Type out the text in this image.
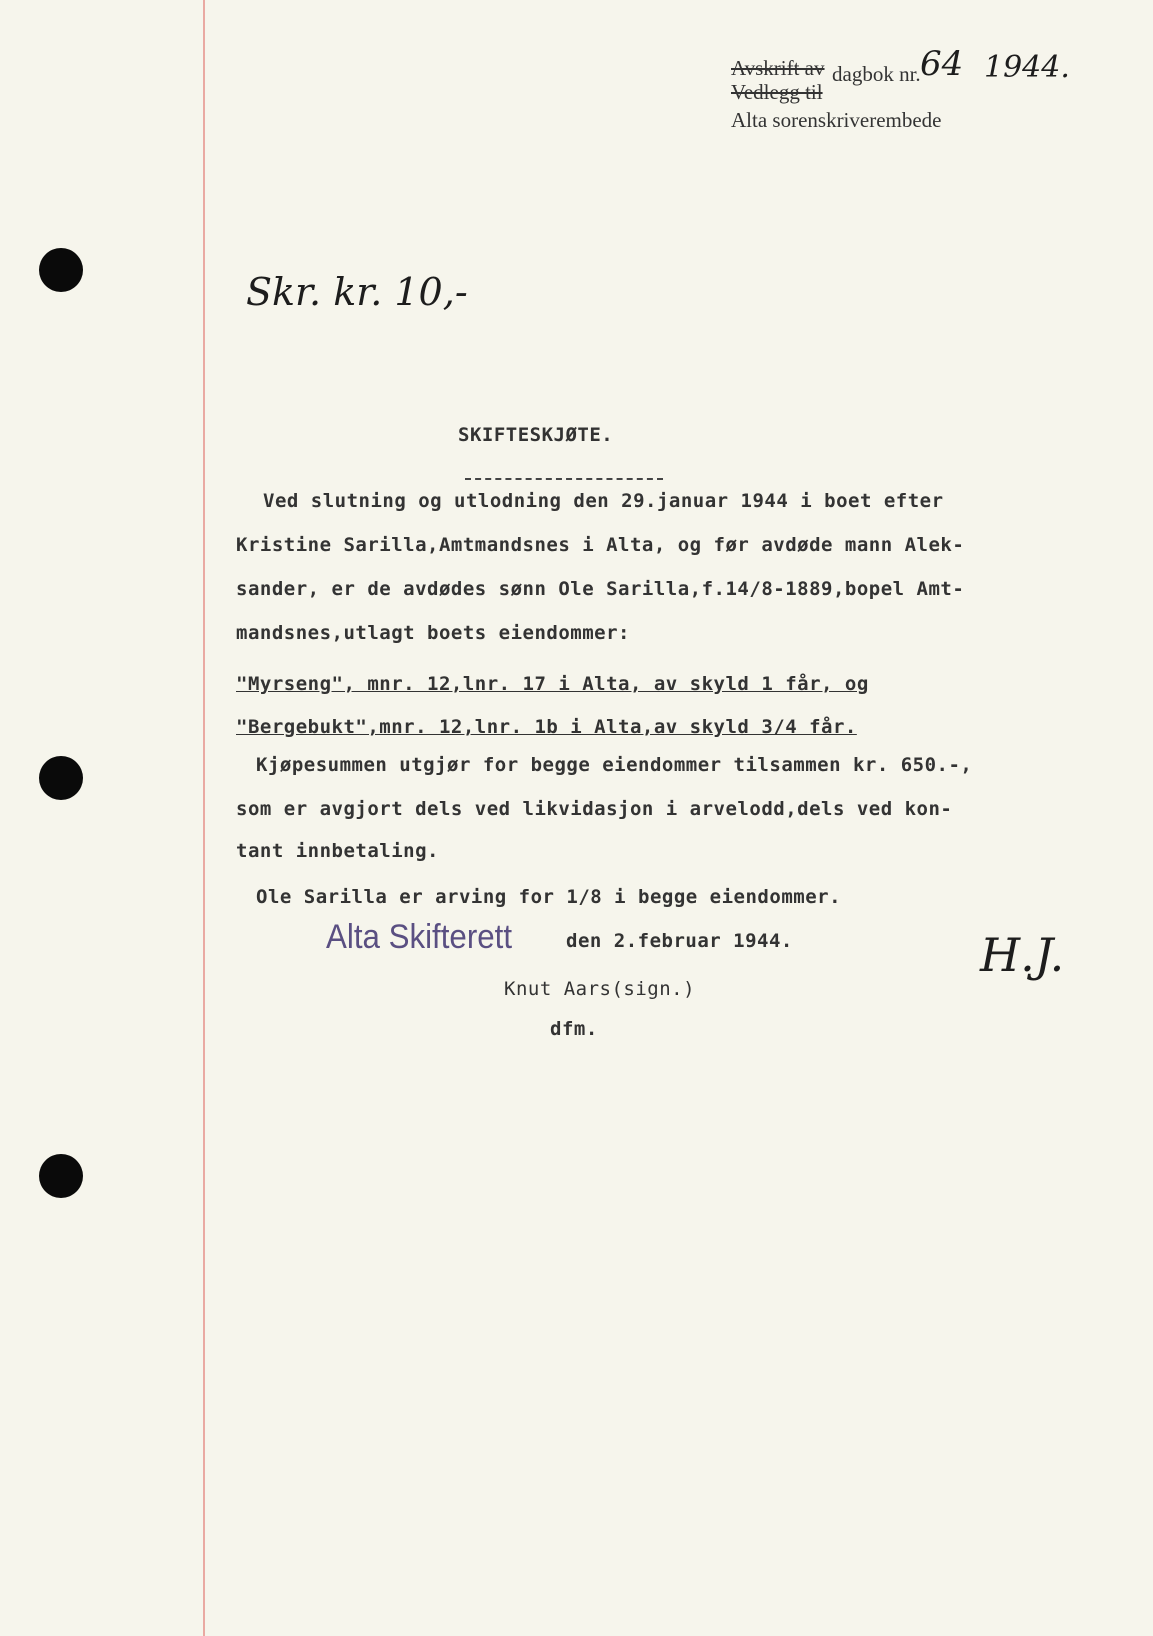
Avskrift av
Vedlegg til
dagbok nr. 64 1944.
Alta sorenskriverembede
Skr. kr. 10,-
SKIFTESKJØTE.
Ved slutning og utlodning den 29.januar 1944 i boet efter
Kristine Sarilla,Amtmandsnes i Alta, og før avdøde mann Alek-
sander, er de avdødes sønn Ole Sarilla,f.14/8-1889,bopel Amt-
mandsnes,utlagt boets eiendommer:
"Myrseng", mnr. 12,lnr. 17 i Alta, av skyld 1 får, og
"Bergebukt",mnr. 12,lnr. 1b i Alta,av skyld 3/4 får.
Kjøpesummen utgjør for begge eiendommer tilsammen kr. 650.-,
som er avgjort dels ved likvidasjon i arvelodd,dels ved kon-
tant innbetaling.
Ole Sarilla er arving for 1/8 i begge eiendommer.
Alta Skifterett	den 2.februar 1944.
Knut Aars(sign.)
dfm.
H.J.
